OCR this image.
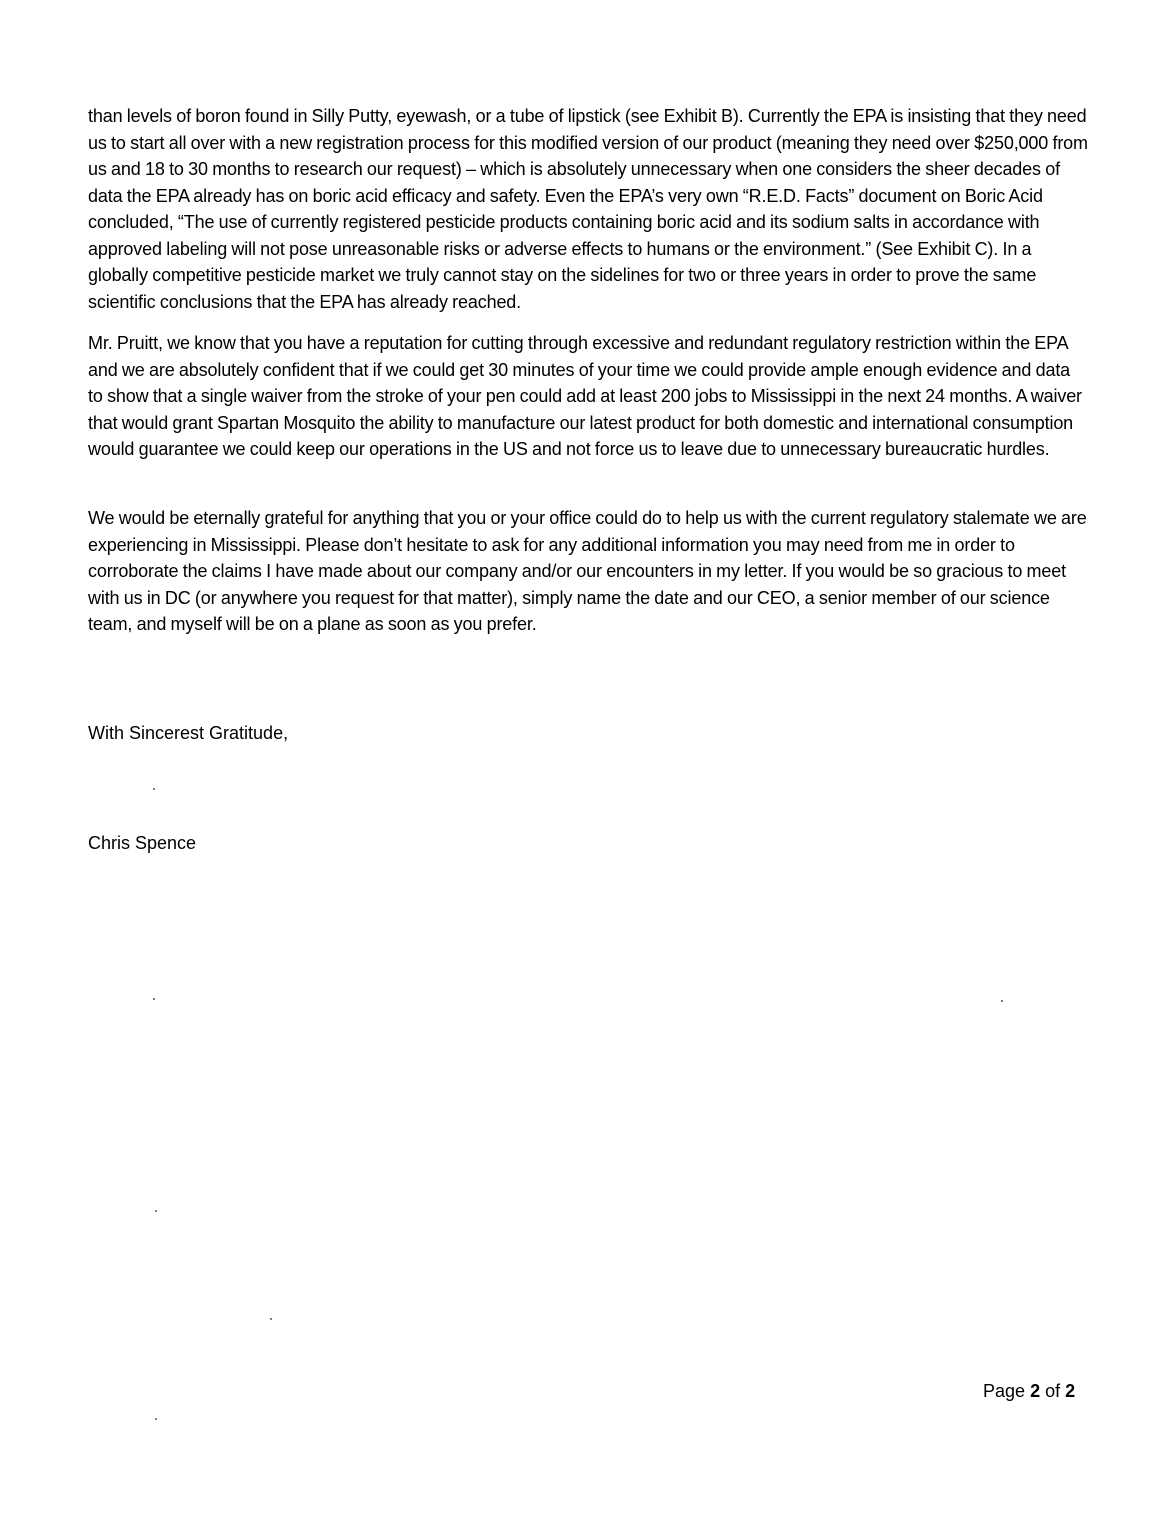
than levels of boron found in Silly Putty, eyewash, or a tube of lipstick (see Exhibit B). Currently the EPA is insisting that they need us to start all over with a new registration process for this modified version of our product (meaning they need over $250,000 from us and 18 to 30 months to research our request) – which is absolutely unnecessary when one considers the sheer decades of data the EPA already has on boric acid efficacy and safety. Even the EPA’s very own “R.E.D. Facts” document on Boric Acid concluded, “The use of currently registered pesticide products containing boric acid and its sodium salts in accordance with approved labeling will not pose unreasonable risks or adverse effects to humans or the environment.” (See Exhibit C). In a globally competitive pesticide market we truly cannot stay on the sidelines for two or three years in order to prove the same scientific conclusions that the EPA has already reached.

Mr. Pruitt, we know that you have a reputation for cutting through excessive and redundant regulatory restriction within the EPA and we are absolutely confident that if we could get 30 minutes of your time we could provide ample enough evidence and data to show that a single waiver from the stroke of your pen could add at least 200 jobs to Mississippi in the next 24 months. A waiver that would grant Spartan Mosquito the ability to manufacture our latest product for both domestic and international consumption would guarantee we could keep our operations in the US and not force us to leave due to unnecessary bureaucratic hurdles.

We would be eternally grateful for anything that you or your office could do to help us with the current regulatory stalemate we are experiencing in Mississippi. Please don’t hesitate to ask for any additional information you may need from me in order to corroborate the claims I have made about our company and/or our encounters in my letter. If you would be so gracious to meet with us in DC (or anywhere you request for that matter), simply name the date and our CEO, a senior member of our science team, and myself will be on a plane as soon as you prefer.

With Sincerest Gratitude,

Chris Spence

Page 2 of 2
